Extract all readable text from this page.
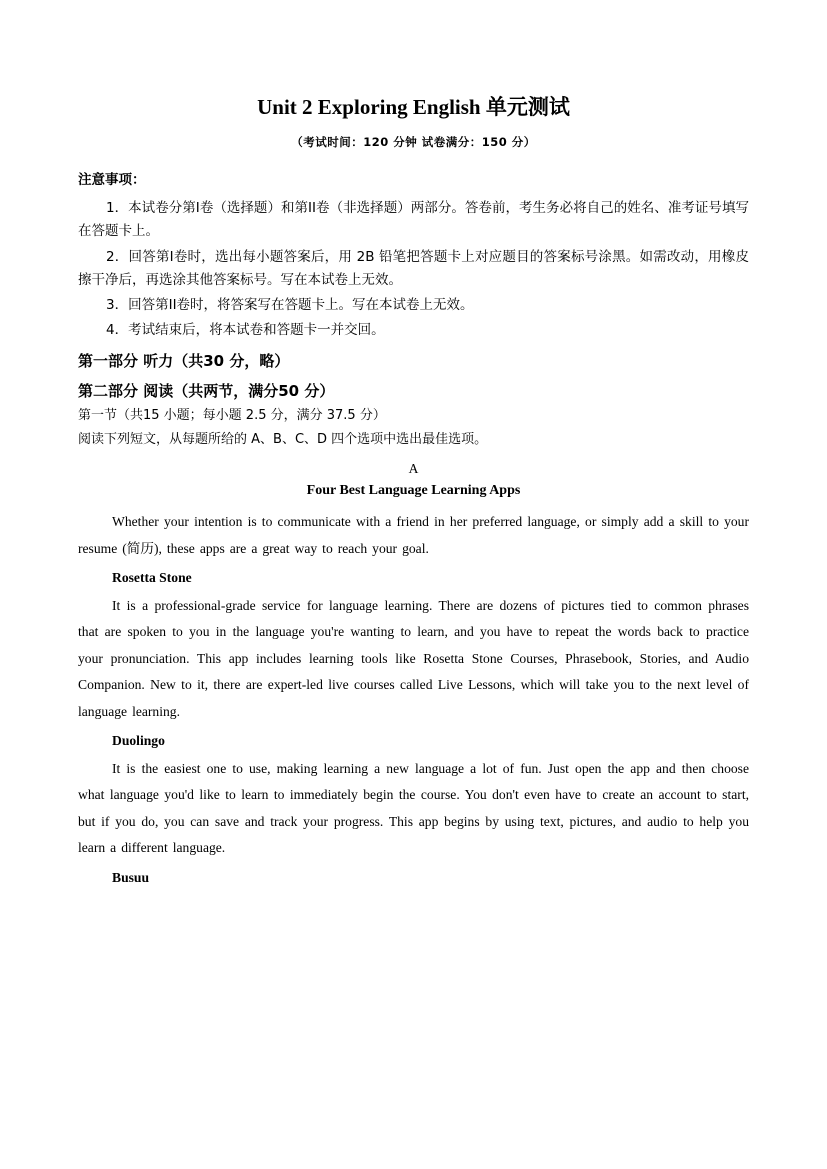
Unit 2 Exploring English 单元测试
（考试时间：120 分钟 试卷满分：150 分）
注意事项：

1．本试卷分第I卷（选择题）和第II卷（非选择题）两部分。答卷前，考生务必将自己的姓名、准考证号填写在答题卡上。

2．回答第I卷时，选出每小题答案后，用 2B 铅笔把答题卡上对应题目的答案标号涂黑。如需改动，用橡皮擦干净后，再选涂其他答案标号。写在本试卷上无效。

3．回答第II卷时，将答案写在答题卡上。写在本试卷上无效。

4．考试结束后，将本试卷和答题卡一并交回。

第一部分 听力（共30 分，略）
第二部分 阅读（共两节，满分50 分）
第一节（共15 小题；每小题 2.5 分，满分 37.5 分）
阅读下列短文，从每题所给的 A、B、C、D 四个选项中选出最佳选项。
A
Four Best Language Learning Apps

Whether your intention is to communicate with a friend in her preferred language, or simply add a skill to your resume (简历), these apps are a great way to reach your goal.

Rosetta Stone

It is a professional-grade service for language learning. There are dozens of pictures tied to common phrases that are spoken to you in the language you're wanting to learn, and you have to repeat the words back to practice your pronunciation. This app includes learning tools like Rosetta Stone Courses, Phrasebook, Stories, and Audio Companion. New to it, there are expert-led live courses called Live Lessons, which will take you to the next level of language learning.

Duolingo

It is the easiest one to use, making learning a new language a lot of fun. Just open the app and then choose what language you'd like to learn to immediately begin the course. You don't even have to create an account to start, but if you do, you can save and track your progress. This app begins by using text, pictures, and audio to help you learn a different language.

Busuu
